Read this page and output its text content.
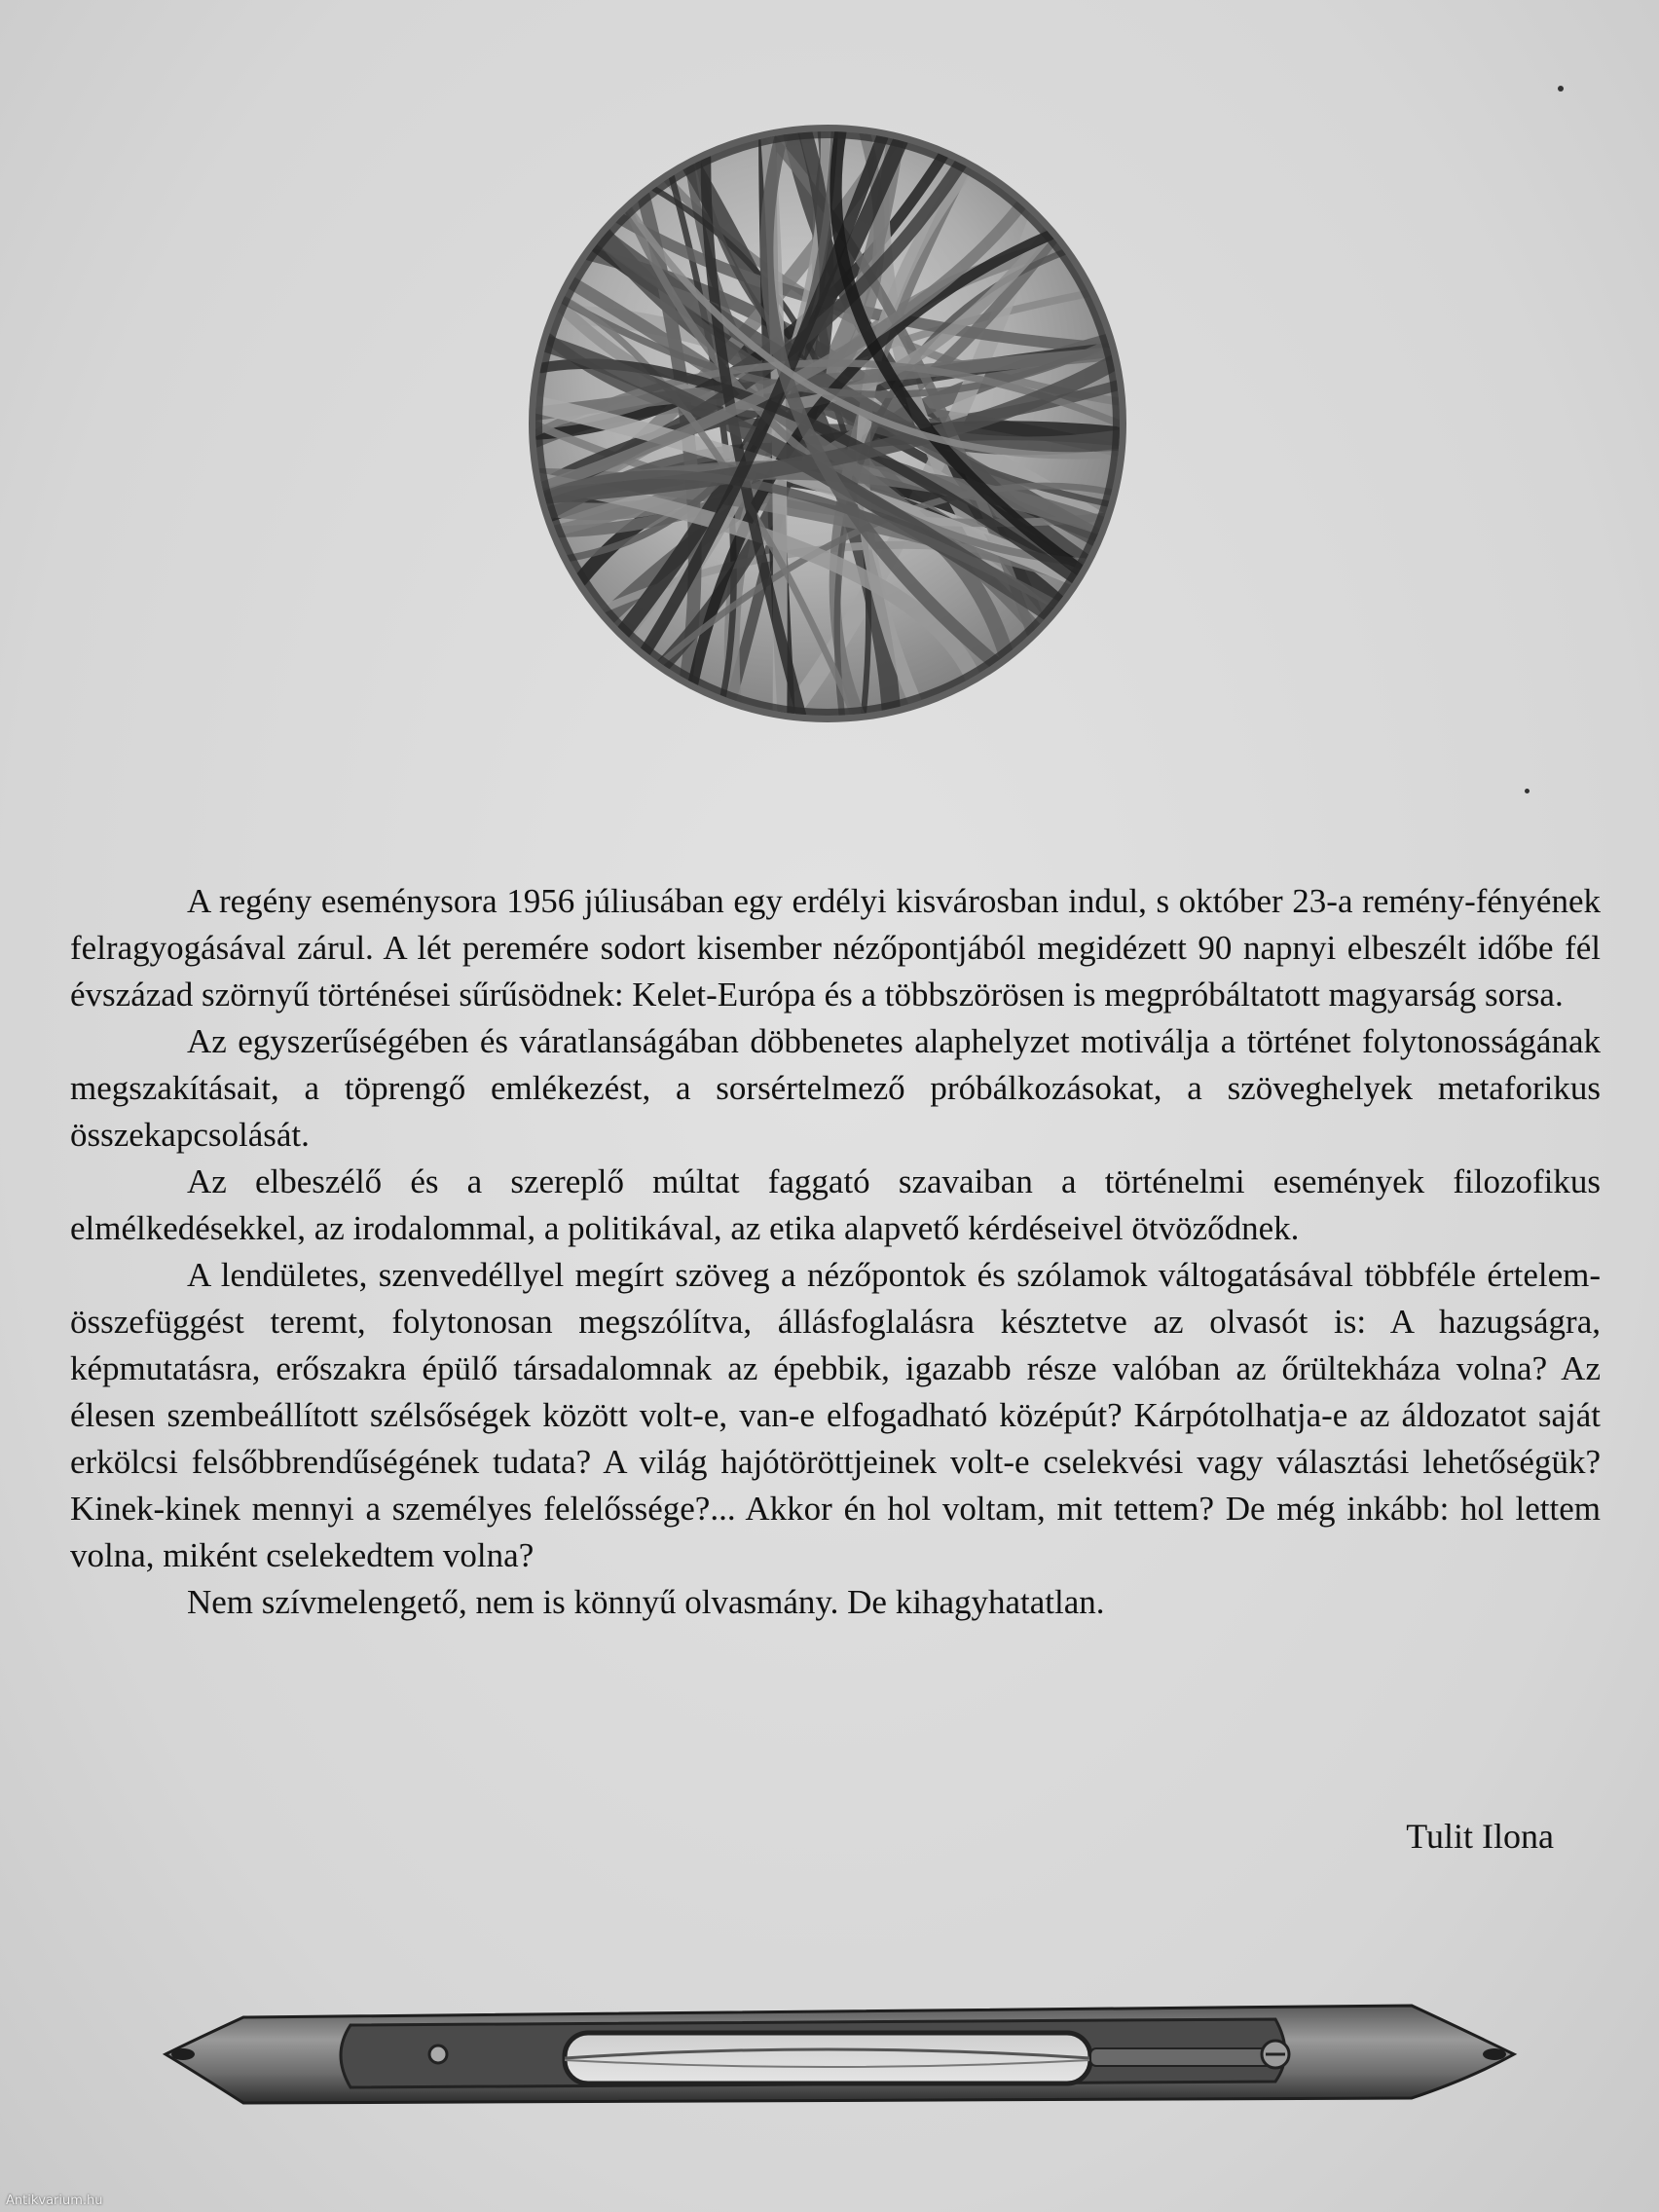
A regény eseménysora 1956 júliusában egy erdélyi kisvárosban indul, s október 23-a remény-fényének felragyogásával zárul. A lét peremére sodort kisember nézőpontjából megidézett 90 napnyi elbeszélt időbe fél évszázad szörnyű történései sűrűsödnek: Kelet-Európa és a többszörösen is megpróbáltatott magyarság sorsa.

Az egyszerűségében és váratlanságában döbbenetes alaphelyzet motiválja a történet folytonosságának megszakításait, a töprengő emlékezést, a sorsértelmező próbálkozásokat, a szöveghelyek metaforikus összekapcsolását.

Az elbeszélő és a szereplő múltat faggató szavaiban a történelmi események filozofikus elmélkedésekkel, az irodalommal, a politikával, az etika alapvető kérdéseivel ötvöződnek.

A lendületes, szenvedéllyel megírt szöveg a nézőpontok és szólamok váltogatásával többféle értelem-összefüggést teremt, folytonosan megszólítva, állásfoglalásra késztetve az olvasót is: A hazugságra, képmutatásra, erőszakra épülő társadalomnak az épebbik, igazabb része valóban az őrültekháza volna? Az élesen szembeállított szélsőségek között volt-e, van-e elfogadható középút? Kárpótolhatja-e az áldozatot saját erkölcsi felsőbbrendűségének tudata? A világ hajótöröttjeinek volt-e cselekvési vagy választási lehetőségük? Kinek-kinek mennyi a személyes felelőssége?... Akkor én hol voltam, mit tettem? De még inkább: hol lettem volna, miként cselekedtem volna?

Nem szívmelengető, nem is könnyű olvasmány. De kihagyhatatlan.

Tulit Ilona
Antikvarium.hu
